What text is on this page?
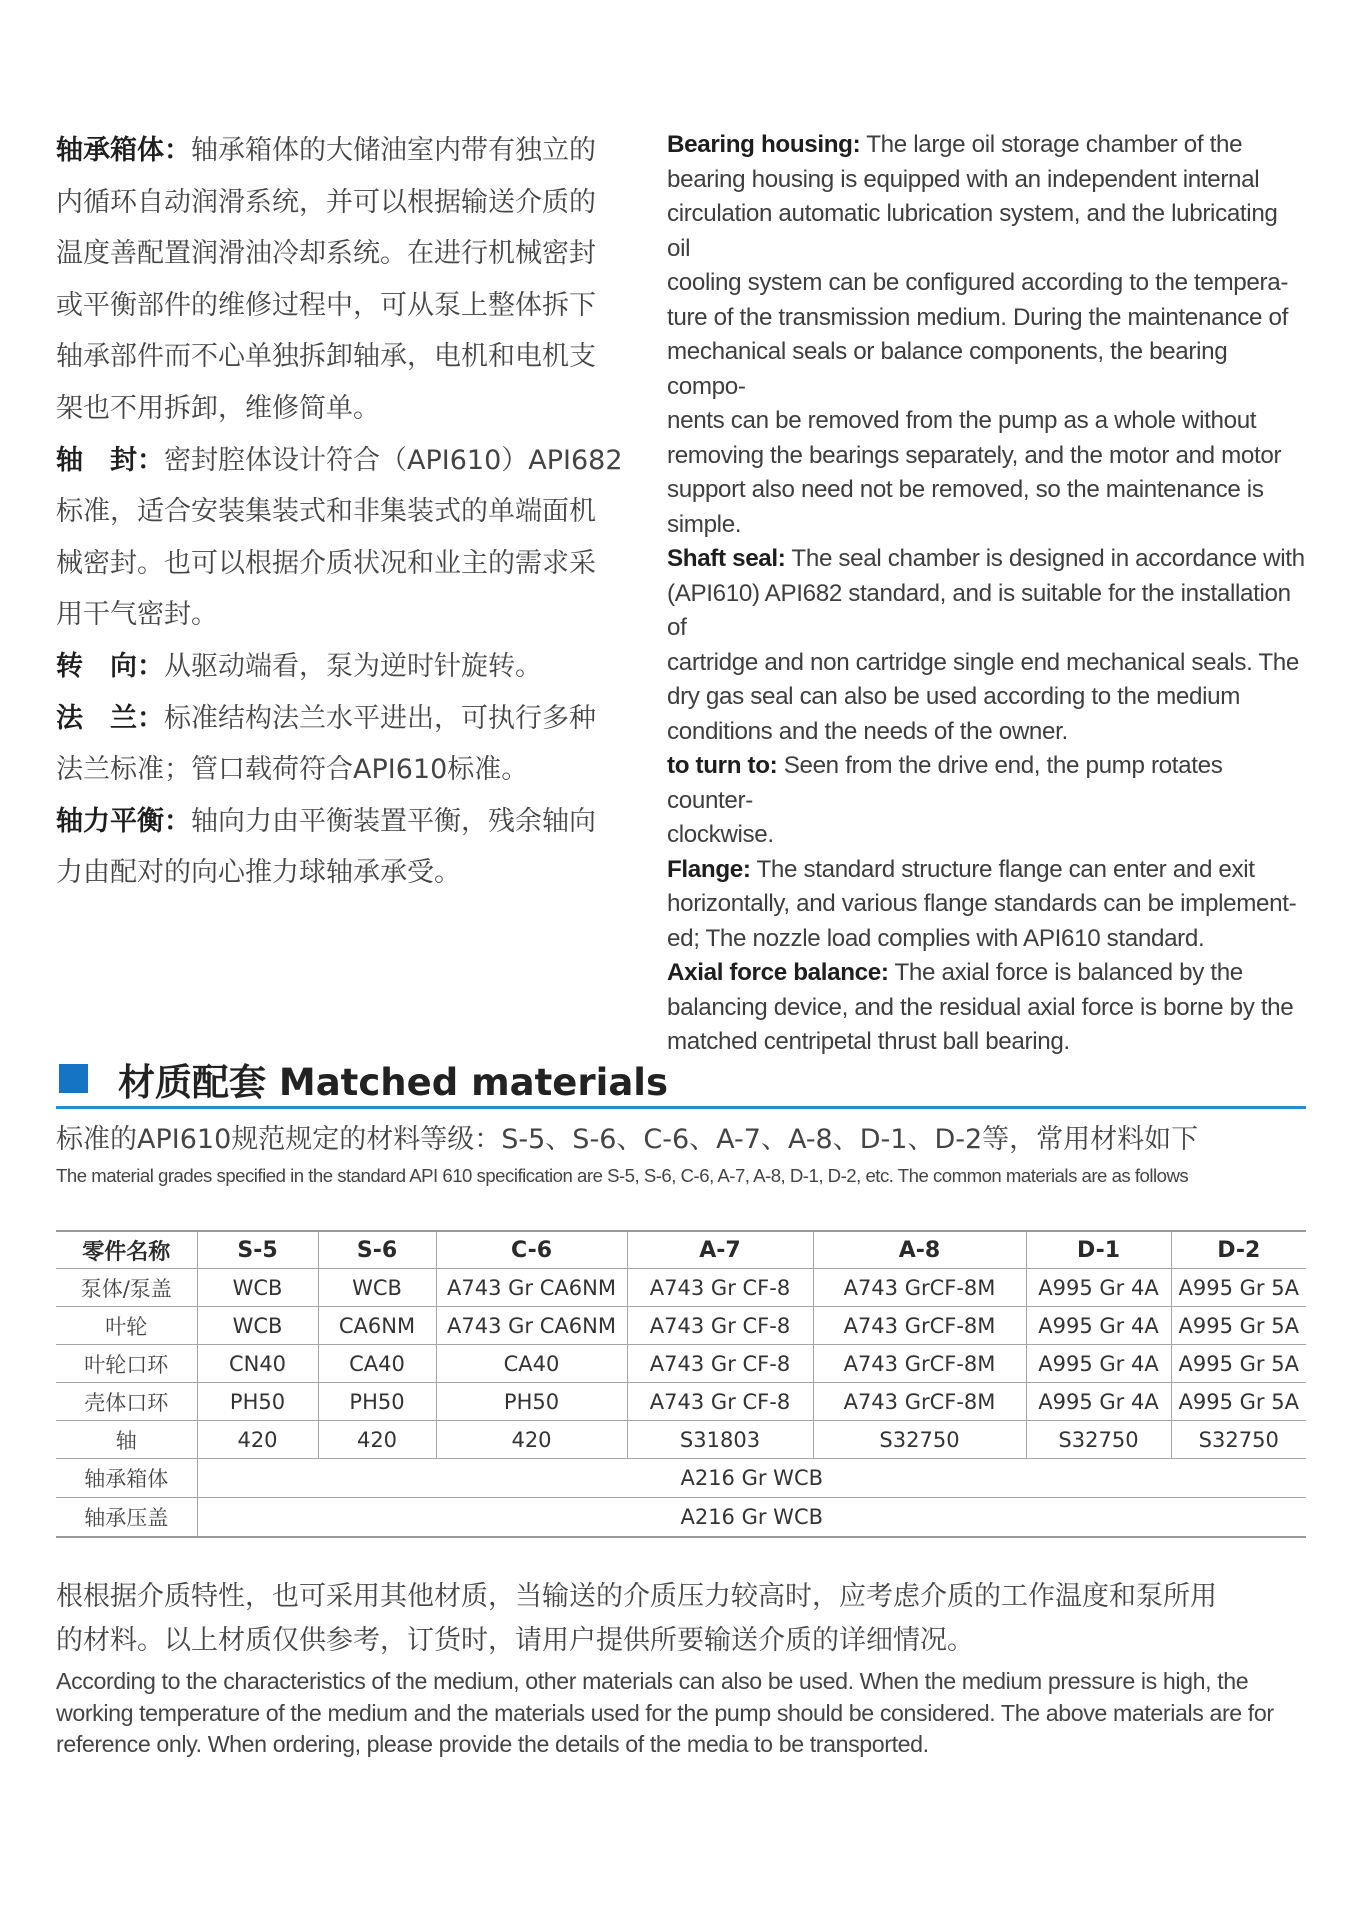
轴承箱体：轴承箱体的大储油室内带有独立的
内循环自动润滑系统，并可以根据输送介质的
温度善配置润滑油冷却系统。在进行机械密封
或平衡部件的维修过程中，可从泵上整体拆下
轴承部件而不心单独拆卸轴承，电机和电机支
架也不用拆卸，维修简单。

轴　封：密封腔体设计符合（API610）API682
标准，适合安装集装式和非集装式的单端面机
械密封。也可以根据介质状况和业主的需求采
用干气密封。

转　向：从驱动端看，泵为逆时针旋转。

法　兰：标准结构法兰水平进出，可执行多种
法兰标准；管口载荷符合API610标准。

轴力平衡：轴向力由平衡装置平衡，残余轴向
力由配对的向心推力球轴承承受。

Bearing housing: The large oil storage chamber of the
bearing housing is equipped with an independent internal
circulation automatic lubrication system, and the lubricating oil
cooling system can be configured according to the tempera-
ture of the transmission medium. During the maintenance of
mechanical seals or balance components, the bearing compo-
nents can be removed from the pump as a whole without
removing the bearings separately, and the motor and motor
support also need not be removed, so the maintenance is
simple.

Shaft seal: The seal chamber is designed in accordance with
(API610) API682 standard, and is suitable for the installation of
cartridge and non cartridge single end mechanical seals. The
dry gas seal can also be used according to the medium
conditions and the needs of the owner.

to turn to: Seen from the drive end, the pump rotates counter-
clockwise.

Flange: The standard structure flange can enter and exit
horizontally, and various flange standards can be implement-
ed; The nozzle load complies with API610 standard.

Axial force balance: The axial force is balanced by the
balancing device, and the residual axial force is borne by the
matched centripetal thrust ball bearing.

材质配套 Matched materials
标准的API610规范规定的材料等级：S-5、S-6、C-6、A-7、A-8、D-1、D-2等，常用材料如下
The material grades specified in the standard API 610 specification are S-5, S-6, C-6, A-7, A-8, D-1, D-2, etc. The common materials are as follows
零件名称	S-5	S-6	C-6	A-7	A-8	D-1	D-2
泵体/泵盖	WCB	WCB	A743 Gr CA6NM	A743 Gr CF-8	A743 GrCF-8M	A995 Gr 4A	A995 Gr 5A
叶轮	WCB	CA6NM	A743 Gr CA6NM	A743 Gr CF-8	A743 GrCF-8M	A995 Gr 4A	A995 Gr 5A
叶轮口环	CN40	CA40	CA40	A743 Gr CF-8	A743 GrCF-8M	A995 Gr 4A	A995 Gr 5A
壳体口环	PH50	PH50	PH50	A743 Gr CF-8	A743 GrCF-8M	A995 Gr 4A	A995 Gr 5A
轴	420	420	420	S31803	S32750	S32750	S32750
轴承箱体	A216 Gr WCB						
轴承压盖	A216 Gr WCB						

根根据介质特性，也可采用其他材质，当输送的介质压力较高时，应考虑介质的工作温度和泵所用

的材料。以上材质仅供参考，订货时，请用户提供所要输送介质的详细情况。

According to the characteristics of the medium, other materials can also be used. When the medium pressure is high, the

working temperature of the medium and the materials used for the pump should be considered. The above materials are for

reference only. When ordering, please provide the details of the media to be transported.
